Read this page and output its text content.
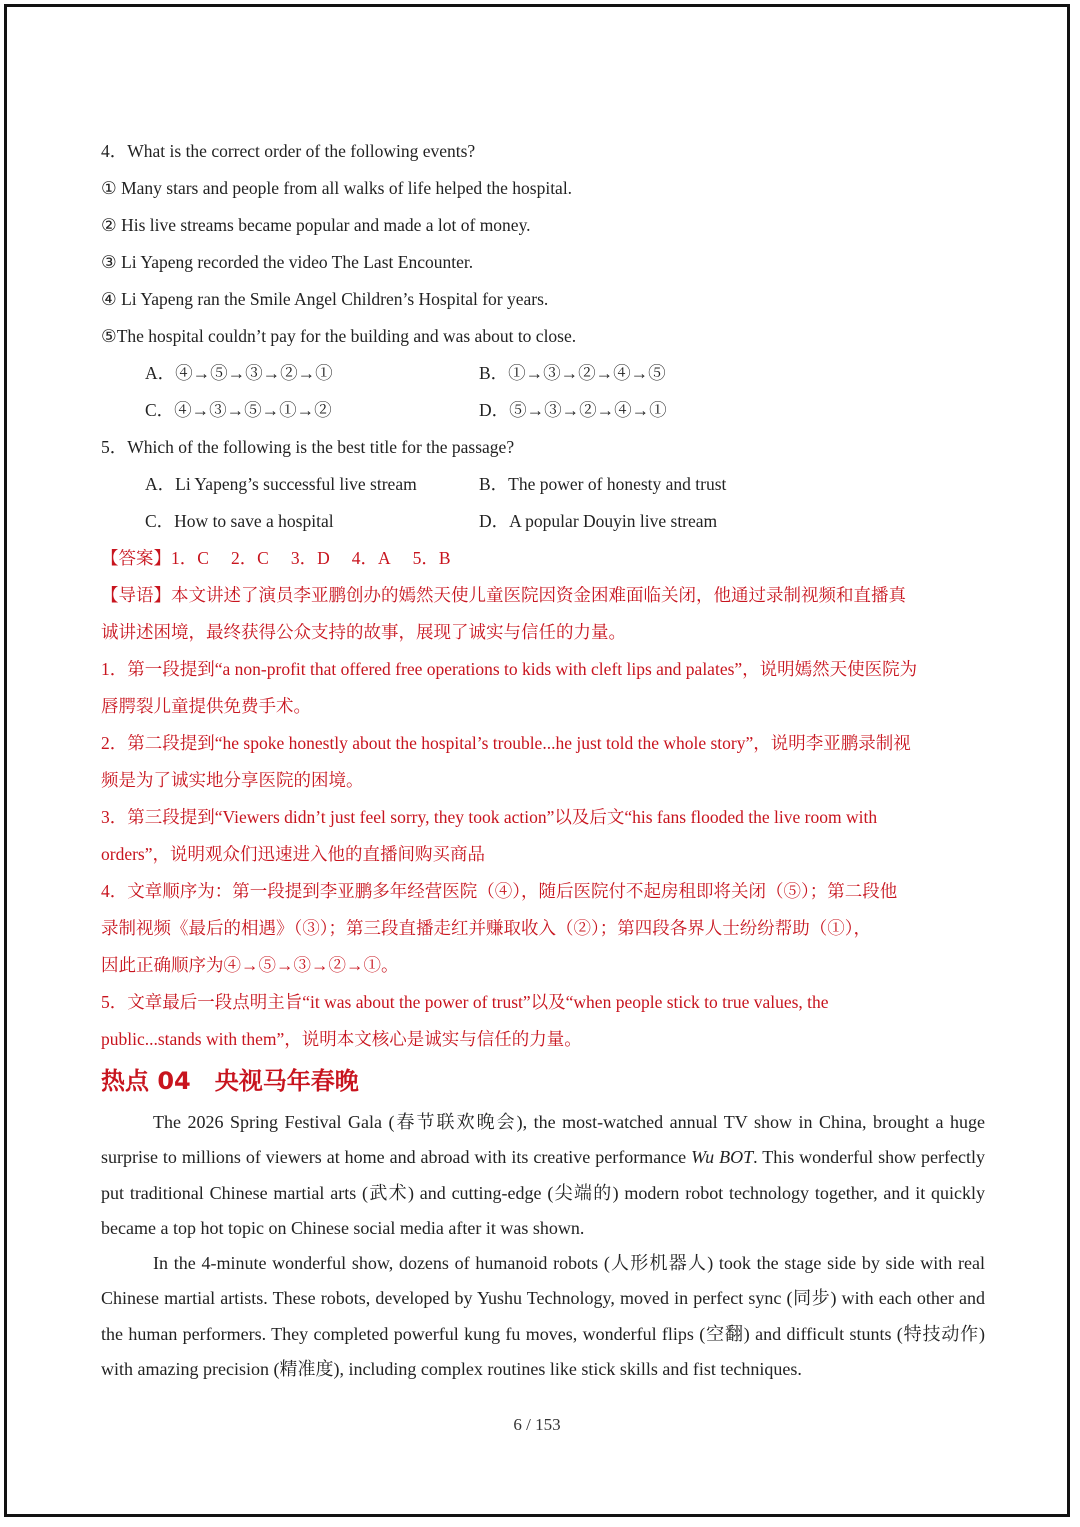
4．What is the correct order of the following events?
① Many stars and people from all walks of life helped the hospital.
② His live streams became popular and made a lot of money.
③ Li Yapeng recorded the video The Last Encounter.
④ Li Yapeng ran the Smile Angel Children’s Hospital for years.
⑤The hospital couldn’t pay for the building and was about to close.
A．④→⑤→③→②→①	B．①→③→②→④→⑤
C．④→③→⑤→①→②	D．⑤→③→②→④→①
5．Which of the following is the best title for the passage?
A．Li Yapeng’s successful live stream	B．The power of honesty and trust
C．How to save a hospital	D．A popular Douyin live stream
【答案】1．C 2．C 3．D 4．A 5．B
【导语】本文讲述了演员李亚鹏创办的嫣然天使儿童医院因资金困难面临关闭，他通过录制视频和直播真
诚讲述困境，最终获得公众支持的故事，展现了诚实与信任的力量。
1．第一段提到“a non-profit that offered free operations to kids with cleft lips and palates”，说明嫣然天使医院为
唇腭裂儿童提供免费手术。
2．第二段提到“he spoke honestly about the hospital’s trouble...he just told the whole story”，说明李亚鹏录制视
频是为了诚实地分享医院的困境。
3．第三段提到“Viewers didn’t just feel sorry, they took action”以及后文“his fans flooded the live room with
orders”，说明观众们迅速进入他的直播间购买商品
4．文章顺序为：第一段提到李亚鹏多年经营医院（④），随后医院付不起房租即将关闭（⑤）；第二段他
录制视频《最后的相遇》（③）；第三段直播走红并赚取收入（②）；第四段各界人士纷纷帮助（①），
因此正确顺序为④→⑤→③→②→①。
5．文章最后一段点明主旨“it was about the power of trust”以及“when people stick to true values, the
public...stands with them”，说明本文核心是诚实与信任的力量。
热点 04 央视马年春晚

The 2026 Spring Festival Gala (春节联欢晚会), the most-watched annual TV show in China, brought a huge surprise to millions of viewers at home and abroad with its creative performance Wu BOT. This wonderful show perfectly put traditional Chinese martial arts (武术) and cutting-edge (尖端的) modern robot technology together, and it quickly became a top hot topic on Chinese social media after it was shown.

In the 4-minute wonderful show, dozens of humanoid robots (人形机器人) took the stage side by side with real Chinese martial artists. These robots, developed by Yushu Technology, moved in perfect sync (同步) with each other and the human performers. They completed powerful kung fu moves, wonderful flips (空翻) and difficult stunts (特技动作) with amazing precision (精准度), including complex routines like stick skills and fist techniques.

6 / 153
